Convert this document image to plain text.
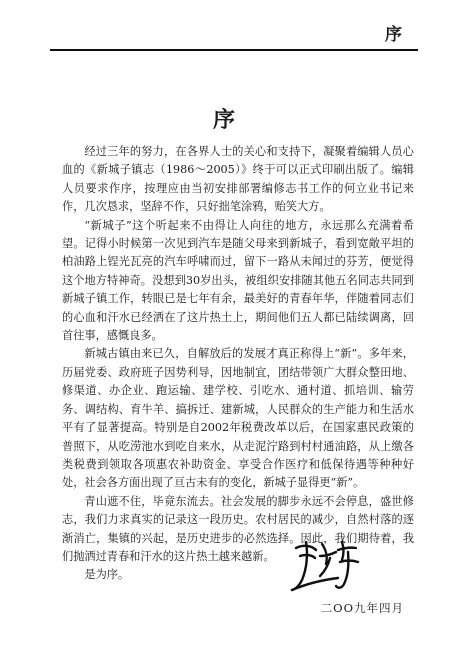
序
序

经过三年的努力，在各界人士的关心和支持下，凝聚着编辑人员心血的《新城子镇志（1986～2005）》终于可以正式印刷出版了。编辑人员要求作序，按理应由当初安排部署编修志书工作的何立业书记来作，几次恳求，坚辞不作，只好拙笔涂鸦，贻笑大方。

“新城子”这个听起来不由得让人向往的地方，永远那么充满着希望。记得小时候第一次见到汽车是随父母来到新城子，看到宽敞平坦的柏油路上锃光瓦亮的汽车呼啸而过，留下一路从未闻过的芬芳，便觉得这个地方特神奇。没想到30岁出头，被组织安排随其他五名同志共同到新城子镇工作，转眼已是七年有余，最美好的青春年华，伴随着同志们的心血和汗水已经洒在了这片热土上，期间他们五人都已陆续调离，回首往事，感慨良多。

新城古镇由来已久，自解放后的发展才真正称得上“新”。多年来，历届党委、政府班子因势利导，因地制宜，团结带领广大群众整田地、修渠道、办企业、跑运输、建学校、引吃水、通村道、抓培训、输劳务、调结构、育牛羊、搞拆迁、建新城，人民群众的生产能力和生活水平有了显著提高。特别是自2002年税费改革以后，在国家惠民政策的普照下，从吃涝池水到吃自来水，从走泥泞路到村村通油路，从上缴各类税费到领取各项惠农补助资金、享受合作医疗和低保待遇等种种好处，社会各方面出现了亘古未有的变化，新城子显得更“新”。

青山遮不住，毕竟东流去。社会发展的脚步永远不会停息，盛世修志，我们力求真实的记录这一段历史。农村居民的减少，自然村落的逐渐消亡，集镇的兴起，是历史进步的必然选择。因此，我们期待着，我们抛洒过青春和汗水的这片热土越来越新。

是为序。

二OO九年四月
